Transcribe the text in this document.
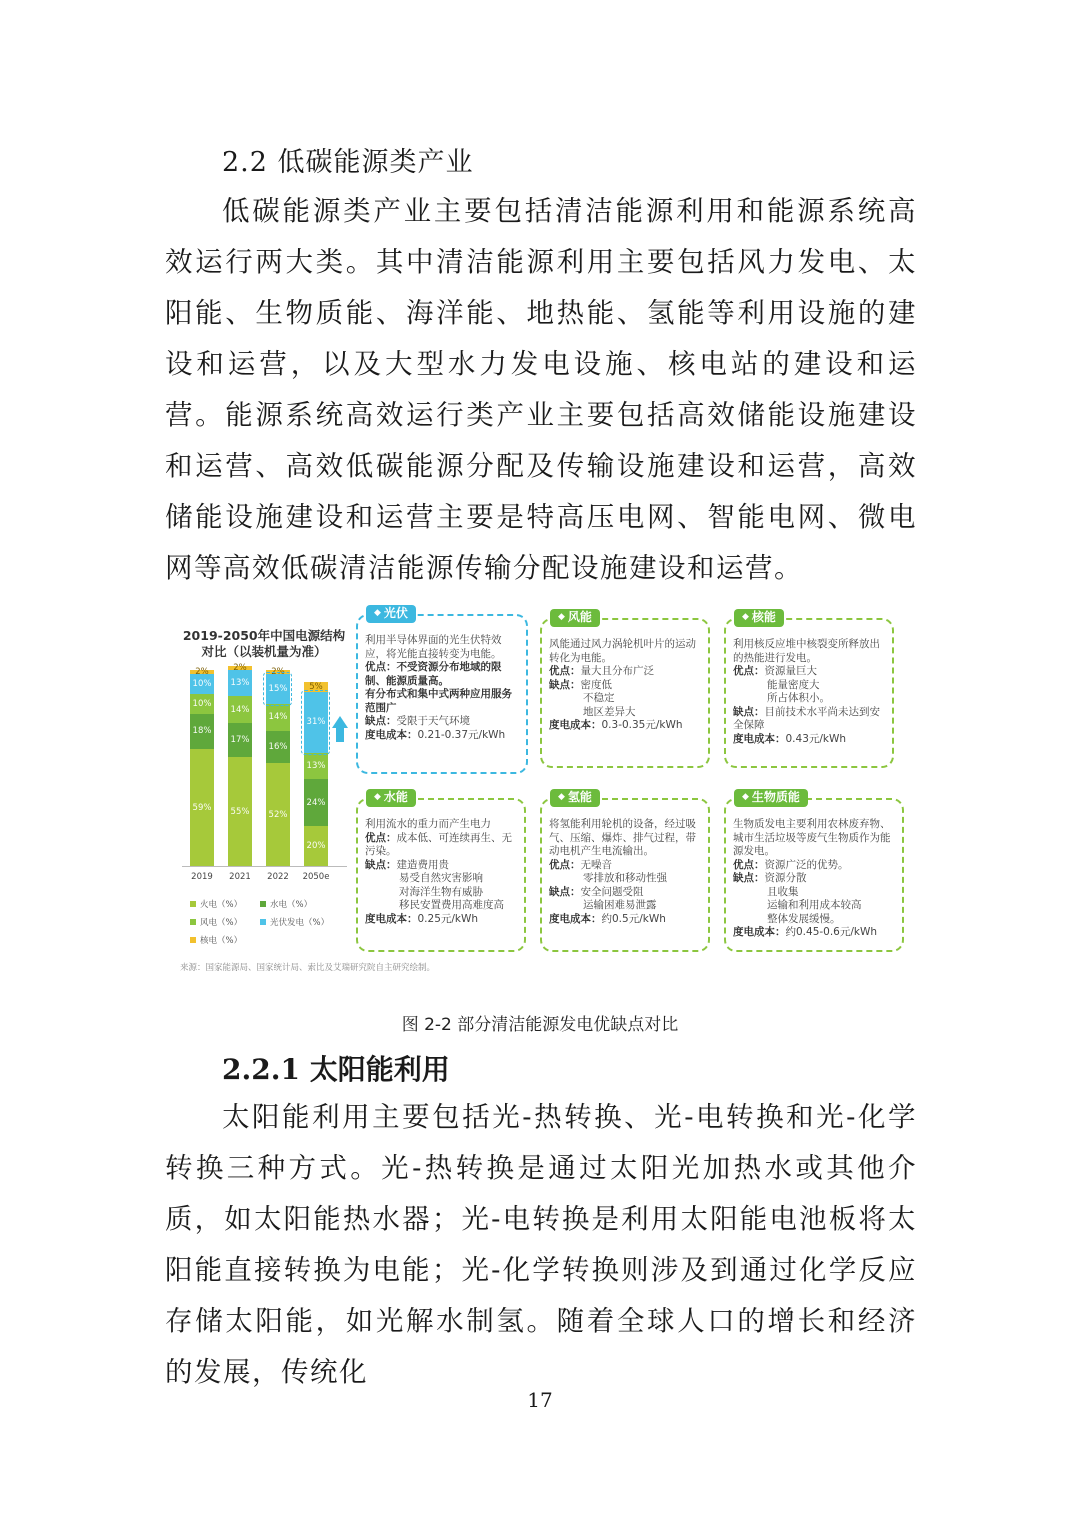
2.2 低碳能源类产业

低碳能源类产业主要包括清洁能源利用和能源系统高效运行两大类。其中清洁能源利用主要包括风力发电、太阳能、生物质能、海洋能、地热能、氢能等利用设施的建设和运营，以及大型水力发电设施、核电站的建设和运营。能源系统高效运行类产业主要包括高效储能设施建设和运营、高效低碳能源分配及传输设施建设和运营，高效储能设施建设和运营主要是特高压电网、智能电网、微电网等高效低碳清洁能源传输分配设施建设和运营。

2019-2050年中国电源结构
对比（以装机量为准）
59%
18%
10%
10%
2%
2019
55%
17%
14%
13%
2%
2021
52%
16%
14%
15%
2%
2022
20%
24%
13%
31%
5%
2050e
火电（%）	水电（%）
风电（%）	光伏发电（%）
核电（%）
◆ 光伏

利用半导体界面的光生伏特效应，将光能直接转变为电能。

优点：不受资源分布地域的限制、能源质量高。

有分布式和集中式两种应用服务范围广

缺点：受限于天气环境

度电成本：0.21-0.37元/kWh

◆ 风能

风能通过风力涡轮机叶片的运动转化为电能。

优点：量大且分布广泛

缺点：密度低

不稳定

地区差异大

度电成本：0.3-0.35元/kWh

◆ 核能

利用核反应堆中核裂变所释放出的热能进行发电。

优点：资源量巨大

能量密度大

所占体积小。

缺点：目前技术水平尚未达到安全保障

度电成本：0.43元/kWh

◆ 水能

利用流水的重力而产生电力

优点：成本低、可连续再生、无污染。

缺点：建造费用贵

易受自然灾害影响

对海洋生物有威胁

移民安置费用高难度高

度电成本：0.25元/kWh

◆ 氢能

将氢能利用轮机的设备，经过吸气、压缩、爆炸、排气过程，带动电机产生电流输出。

优点：无噪音

零排放和移动性强

缺点：安全问题受阻

运输困难易泄露

度电成本：约0.5元/kWh

◆ 生物质能

生物质发电主要利用农林废弃物、城市生活垃圾等废气生物质作为能源发电。

优点：资源广泛的优势。

缺点：资源分散

且收集

运输和利用成本较高

整体发展缓慢。

度电成本：约0.45-0.6元/kWh

来源：国家能源局、国家统计局、索比及艾瑞研究院自主研究绘制。
图 2-2 部分清洁能源发电优缺点对比
2.2.1 太阳能利用

太阳能利用主要包括光-热转换、光-电转换和光-化学转换三种方式。光-热转换是通过太阳光加热水或其他介质，如太阳能热水器；光-电转换是利用太阳能电池板将太阳能直接转换为电能；光-化学转换则涉及到通过化学反应存储太阳能，如光解水制氢。随着全球人口的增长和经济的发展，传统化

17
